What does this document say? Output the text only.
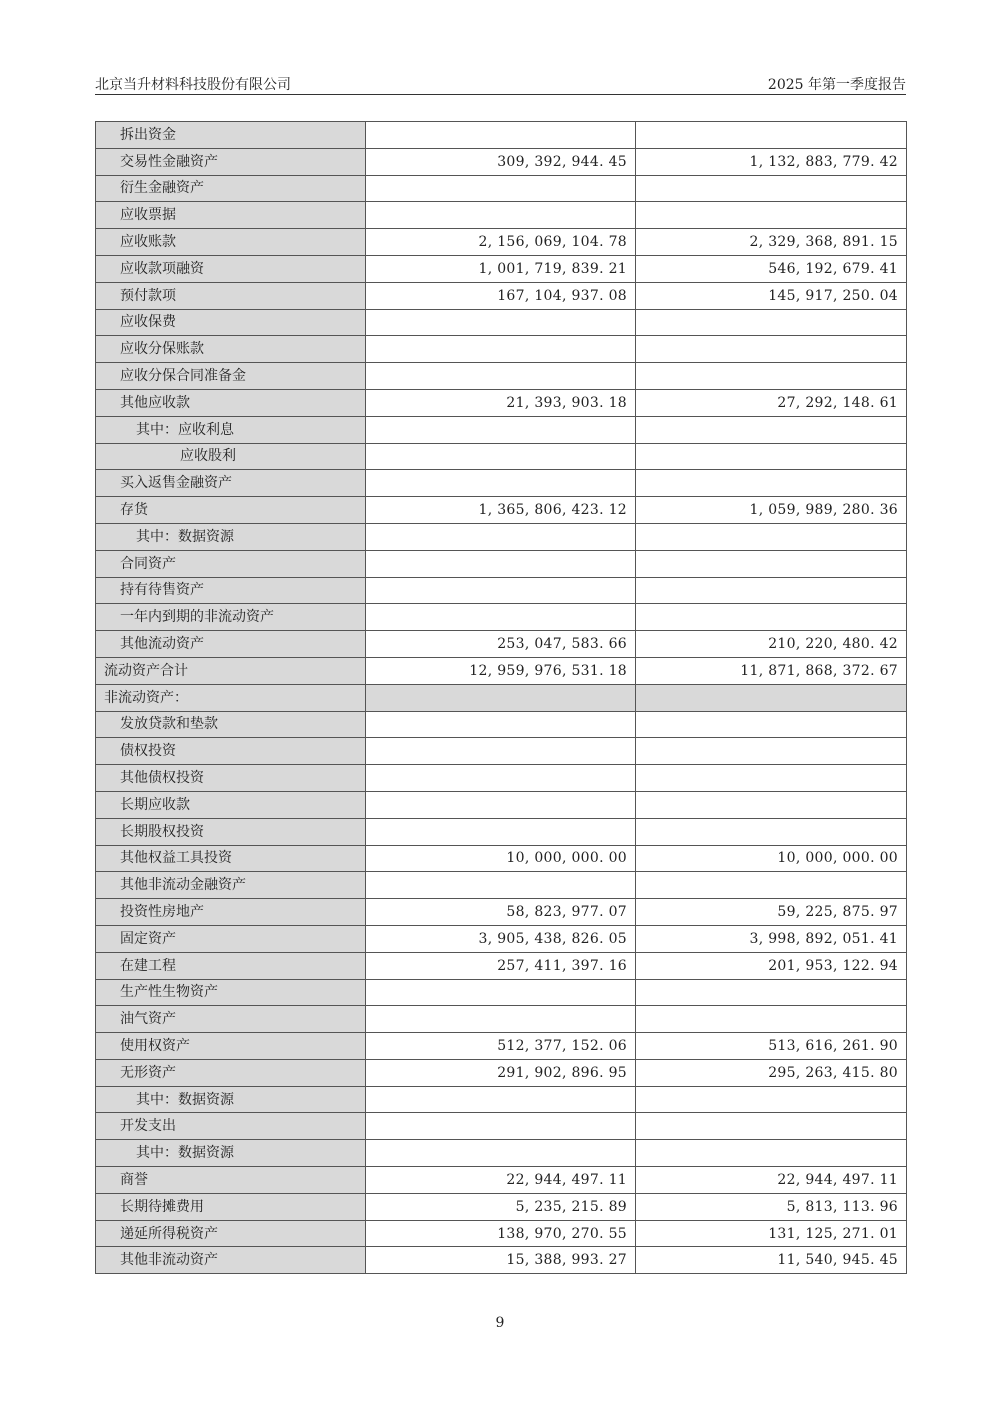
北京当升材料科技股份有限公司	2025 年第一季度报告
拆出资金		
交易性金融资产	309, 392, 944. 45	1, 132, 883, 779. 42
衍生金融资产		
应收票据		
应收账款	2, 156, 069, 104. 78	2, 329, 368, 891. 15
应收款项融资	1, 001, 719, 839. 21	546, 192, 679. 41
预付款项	167, 104, 937. 08	145, 917, 250. 04
应收保费		
应收分保账款		
应收分保合同准备金		
其他应收款	21, 393, 903. 18	27, 292, 148. 61
其中：应收利息		
应收股利		
买入返售金融资产		
存货	1, 365, 806, 423. 12	1, 059, 989, 280. 36
其中：数据资源		
合同资产		
持有待售资产		
一年内到期的非流动资产		
其他流动资产	253, 047, 583. 66	210, 220, 480. 42
流动资产合计	12, 959, 976, 531. 18	11, 871, 868, 372. 67
非流动资产：		
发放贷款和垫款		
债权投资		
其他债权投资		
长期应收款		
长期股权投资		
其他权益工具投资	10, 000, 000. 00	10, 000, 000. 00
其他非流动金融资产		
投资性房地产	58, 823, 977. 07	59, 225, 875. 97
固定资产	3, 905, 438, 826. 05	3, 998, 892, 051. 41
在建工程	257, 411, 397. 16	201, 953, 122. 94
生产性生物资产		
油气资产		
使用权资产	512, 377, 152. 06	513, 616, 261. 90
无形资产	291, 902, 896. 95	295, 263, 415. 80
其中：数据资源		
开发支出		
其中：数据资源		
商誉	22, 944, 497. 11	22, 944, 497. 11
长期待摊费用	5, 235, 215. 89	5, 813, 113. 96
递延所得税资产	138, 970, 270. 55	131, 125, 271. 01
其他非流动资产	15, 388, 993. 27	11, 540, 945. 45
9
